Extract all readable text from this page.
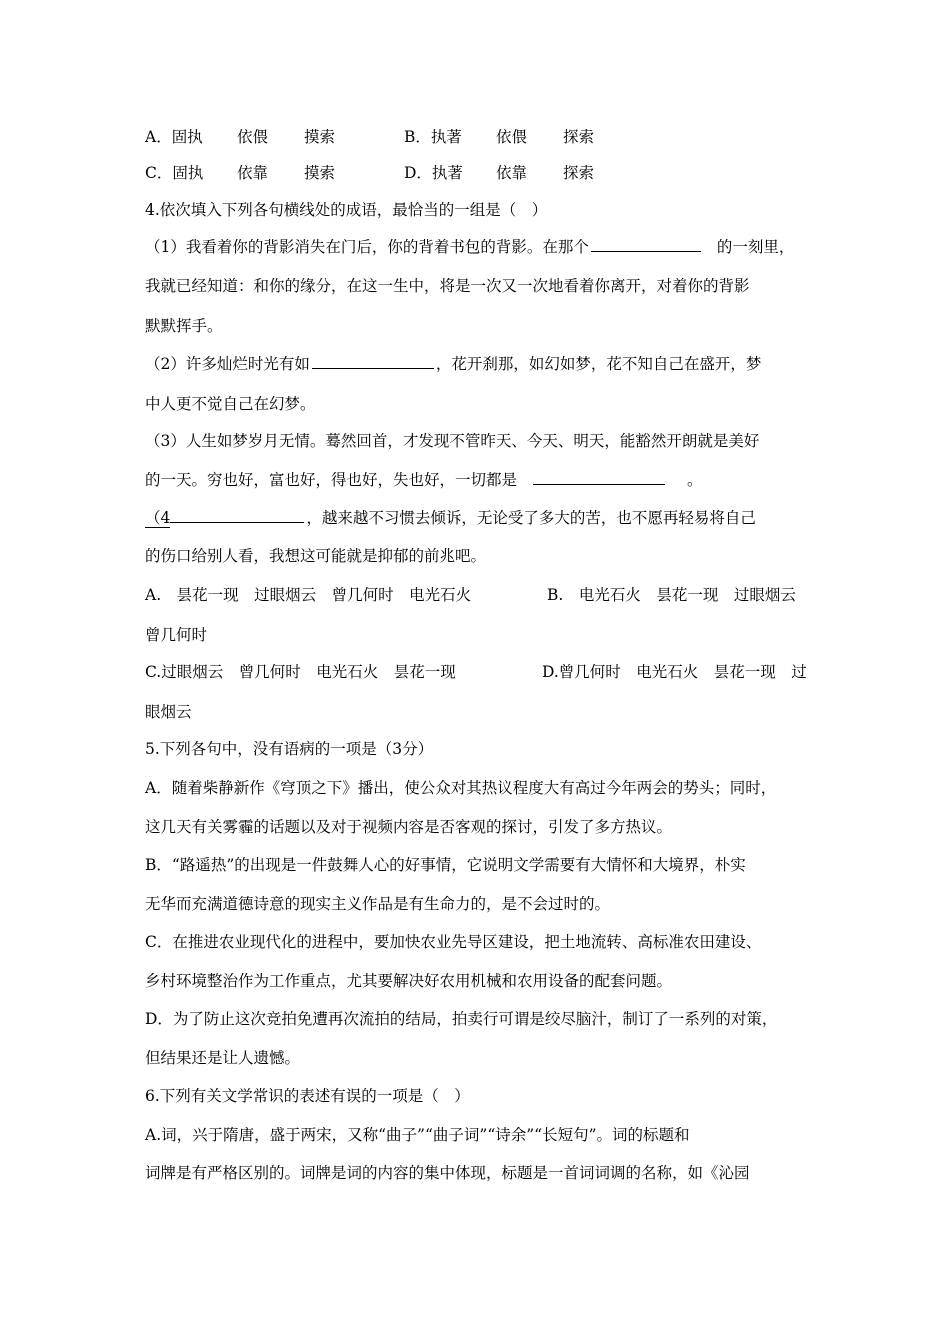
A．固执 依偎 摸索	B．执著 依偎 探索
C．固执 依靠 摸索	D．执著 依靠 探索
4.依次填入下列各句横线处的成语，最恰当的一组是（　）
（1）我看着你的背影消失在门后，你的背着书包的背影。在那个	的一刻里，
我就已经知道：和你的缘分，在这一生中，将是一次又一次地看着你离开，对着你的背影
默默挥手。
（2）许多灿烂时光有如	，花开刹那，如幻如梦，花不知自己在盛开，梦
中人更不觉自己在幻梦。
（3）人生如梦岁月无情。蓦然回首，才发现不管昨天、今天、明天，能豁然开朗就是美好
的一天。穷也好，富也好，得也好，失也好，一切都是	。
（4	，越来越不习惯去倾诉，无论受了多大的苦，也不愿再轻易将自己
的伤口给别人看，我想这可能就是抑郁的前兆吧。
A.　昙花一现　过眼烟云　曾几何时　电光石火	B.　电光石火　昙花一现　过眼烟云
曾几何时
C.过眼烟云　曾几何时　电光石火　昙花一现	D.曾几何时　电光石火　昙花一现　过
眼烟云
5.下列各句中，没有语病的一项是（3分）
A．随着柴静新作《穹顶之下》播出，使公众对其热议程度大有高过今年两会的势头；同时，
这几天有关雾霾的话题以及对于视频内容是否客观的探讨，引发了多方热议。
B．“路遥热”的出现是一件鼓舞人心的好事情，它说明文学需要有大情怀和大境界，朴实
无华而充满道德诗意的现实主义作品是有生命力的，是不会过时的。
C．在推进农业现代化的进程中，要加快农业先导区建设，把土地流转、高标准农田建设、
乡村环境整治作为工作重点，尤其要解决好农用机械和农用设备的配套问题。
D．为了防止这次竞拍免遭再次流拍的结局，拍卖行可谓是绞尽脑汁，制订了一系列的对策，
但结果还是让人遗憾。
6.下列有关文学常识的表述有误的一项是（　）
A.词，兴于隋唐，盛于两宋，又称“曲子”“曲子词”“诗余”“长短句”。词的标题和
词牌是有严格区别的。词牌是词的内容的集中体现，标题是一首词词调的名称，如《沁园
